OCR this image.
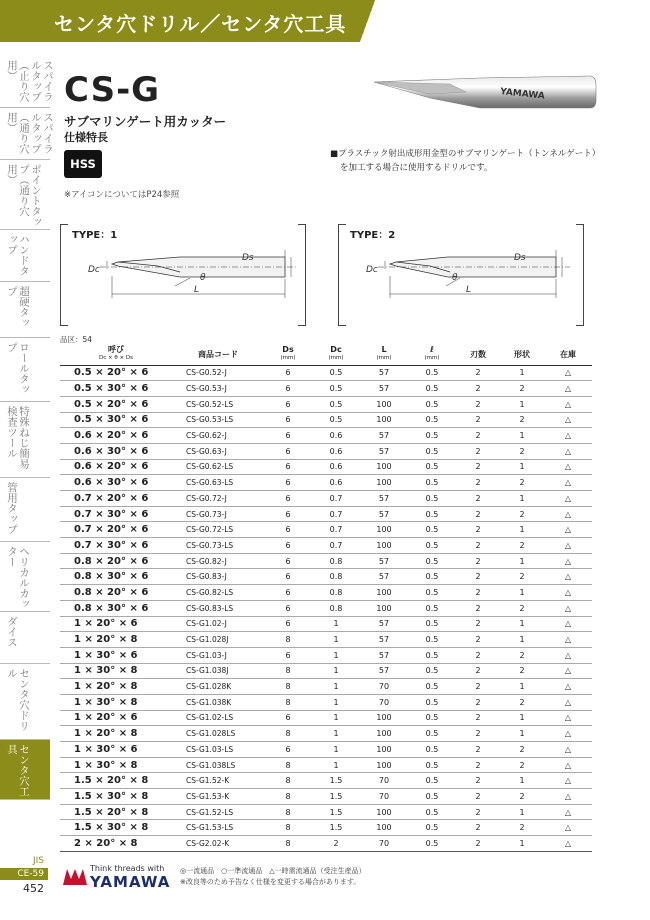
センタ穴ドリル／センタ穴工具
スパイラルタップ（止り穴用）
スパイラルタップ（通り穴用）
ポイントタップ（通り穴用）
ハンドタップ
超硬タップ
ロールタップ
特殊ねじ簡易検査ツール
管用タップ
ヘリカルカッター
ダイス
センタ穴ドリル
センタ穴工具
JIS
CE-59
452
CS-G
サブマリンゲート用カッター
仕様特長
HSS
※アイコンについてはP24参照
YAMAWA
■プラスチック射出成形用金型のサブマリンゲート（トンネルゲート）
を加工する場合に使用するドリルです。
TYPE：1
Ds
Dc
θ
L
TYPE：2
Ds
Dc
θ
L
品区：54
呼び
Dc × θ × Ds	商品コード	Ds
(mm)	Dc
(mm)	L
(mm)	ℓ
(mm)	刃数	形状	在庫
0.5 × 20° × 6	CS-G0.52-J	6	0.5	57	0.5	2	1	△
0.5 × 30° × 6	CS-G0.53-J	6	0.5	57	0.5	2	2	△
0.5 × 20° × 6	CS-G0.52-LS	6	0.5	100	0.5	2	1	△
0.5 × 30° × 6	CS-G0.53-LS	6	0.5	100	0.5	2	2	△
0.6 × 20° × 6	CS-G0.62-J	6	0.6	57	0.5	2	1	△
0.6 × 30° × 6	CS-G0.63-J	6	0.6	57	0.5	2	2	△
0.6 × 20° × 6	CS-G0.62-LS	6	0.6	100	0.5	2	1	△
0.6 × 30° × 6	CS-G0.63-LS	6	0.6	100	0.5	2	2	△
0.7 × 20° × 6	CS-G0.72-J	6	0.7	57	0.5	2	1	△
0.7 × 30° × 6	CS-G0.73-J	6	0.7	57	0.5	2	2	△
0.7 × 20° × 6	CS-G0.72-LS	6	0.7	100	0.5	2	1	△
0.7 × 30° × 6	CS-G0.73-LS	6	0.7	100	0.5	2	2	△
0.8 × 20° × 6	CS-G0.82-J	6	0.8	57	0.5	2	1	△
0.8 × 30° × 6	CS-G0.83-J	6	0.8	57	0.5	2	2	△
0.8 × 20° × 6	CS-G0.82-LS	6	0.8	100	0.5	2	1	△
0.8 × 30° × 6	CS-G0.83-LS	6	0.8	100	0.5	2	2	△
1 × 20° × 6	CS-G1.02-J	6	1	57	0.5	2	1	△
1 × 20° × 8	CS-G1.028J	8	1	57	0.5	2	1	△
1 × 30° × 6	CS-G1.03-J	6	1	57	0.5	2	2	△
1 × 30° × 8	CS-G1.038J	8	1	57	0.5	2	2	△
1 × 20° × 8	CS-G1.028K	8	1	70	0.5	2	1	△
1 × 30° × 8	CS-G1.038K	8	1	70	0.5	2	2	△
1 × 20° × 6	CS-G1.02-LS	6	1	100	0.5	2	1	△
1 × 20° × 8	CS-G1.028LS	8	1	100	0.5	2	1	△
1 × 30° × 6	CS-G1.03-LS	6	1	100	0.5	2	2	△
1 × 30° × 8	CS-G1.038LS	8	1	100	0.5	2	2	△
1.5 × 20° × 8	CS-G1.52-K	8	1.5	70	0.5	2	1	△
1.5 × 30° × 8	CS-G1.53-K	8	1.5	70	0.5	2	2	△
1.5 × 20° × 8	CS-G1.52-LS	8	1.5	100	0.5	2	1	△
1.5 × 30° × 8	CS-G1.53-LS	8	1.5	100	0.5	2	2	△
2 × 20° × 8	CS-G2.02-K	8	2	70	0.5	2	1	△
Think threads with
YAMAWA
◎一流通品　○一準流通品　△一時需流通品（受注生産品）
※改良等のため予告なく仕様を変更する場合があります。
